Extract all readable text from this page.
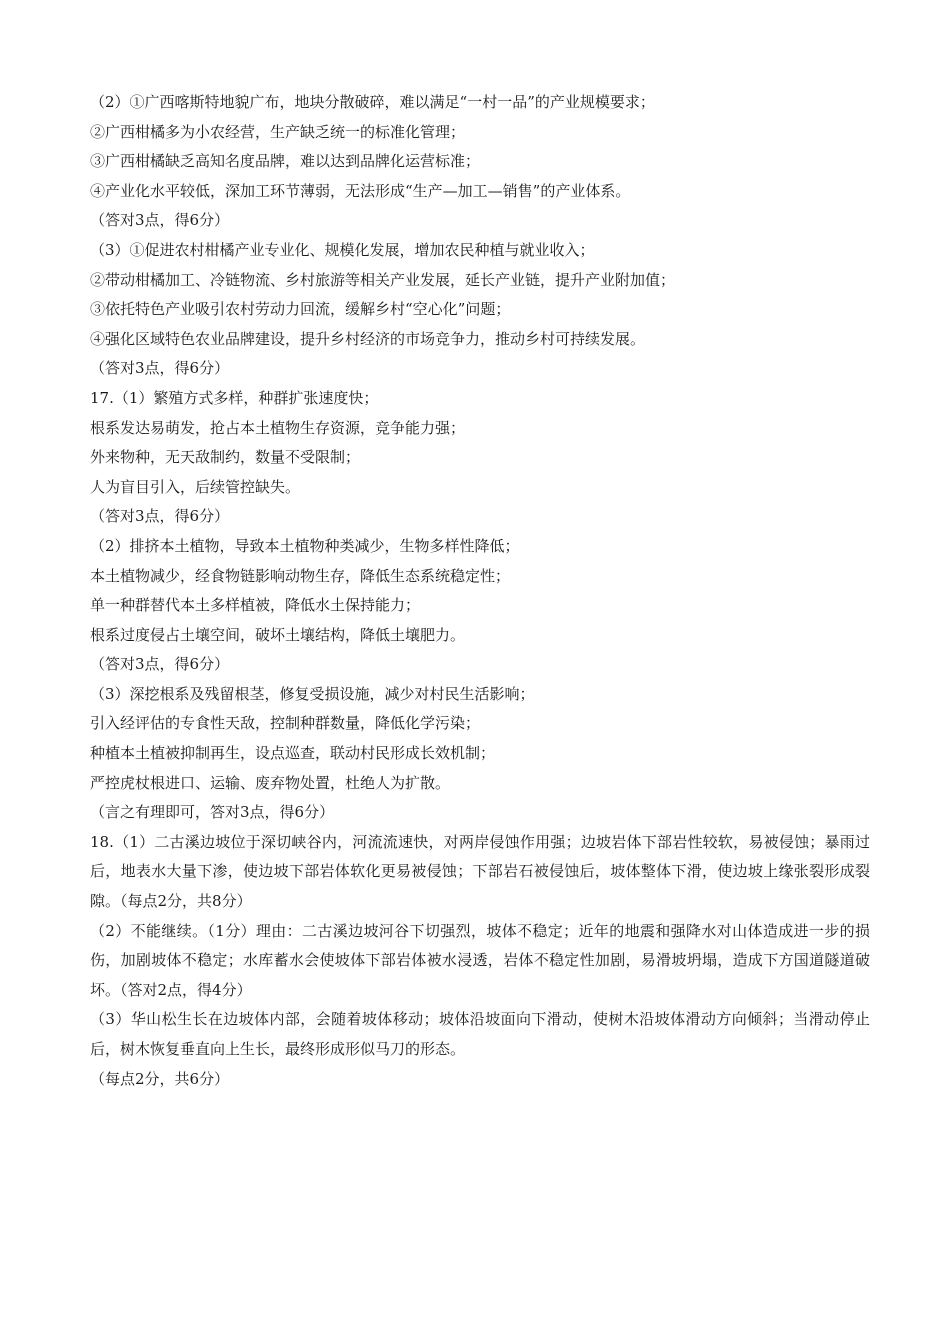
（2）①广西喀斯特地貌广布，地块分散破碎，难以满足“一村一品”的产业规模要求；

②广西柑橘多为小农经营，生产缺乏统一的标准化管理；

③广西柑橘缺乏高知名度品牌，难以达到品牌化运营标准；

④产业化水平较低，深加工环节薄弱，无法形成“生产—加工—销售”的产业体系。

（答对3点，得6分）

（3）①促进农村柑橘产业专业化、规模化发展，增加农民种植与就业收入；

②带动柑橘加工、冷链物流、乡村旅游等相关产业发展，延长产业链，提升产业附加值；

③依托特色产业吸引农村劳动力回流，缓解乡村“空心化”问题；

④强化区域特色农业品牌建设，提升乡村经济的市场竞争力，推动乡村可持续发展。

（答对3点，得6分）

17.（1）繁殖方式多样，种群扩张速度快；

根系发达易萌发，抢占本土植物生存资源，竞争能力强；

外来物种，无天敌制约，数量不受限制；

人为盲目引入，后续管控缺失。

（答对3点，得6分）

（2）排挤本土植物，导致本土植物种类减少，生物多样性降低；

本土植物减少，经食物链影响动物生存，降低生态系统稳定性；

单一种群替代本土多样植被，降低水土保持能力；

根系过度侵占土壤空间，破坏土壤结构，降低土壤肥力。

（答对3点，得6分）

（3）深挖根系及残留根茎，修复受损设施，减少对村民生活影响；

引入经评估的专食性天敌，控制种群数量，降低化学污染；

种植本土植被抑制再生，设点巡查，联动村民形成长效机制；

严控虎杖根进口、运输、废弃物处置，杜绝人为扩散。

（言之有理即可，答对3点，得6分）

18.（1）二古溪边坡位于深切峡谷内，河流流速快，对两岸侵蚀作用强；边坡岩体下部岩性较软，易被侵蚀；暴雨过后，地表水大量下渗，使边坡下部岩体软化更易被侵蚀；下部岩石被侵蚀后，坡体整体下滑，使边坡上缘张裂形成裂隙。（每点2分，共8分）

（2）不能继续。（1分）理由：二古溪边坡河谷下切强烈，坡体不稳定；近年的地震和强降水对山体造成进一步的损伤，加剧坡体不稳定；水库蓄水会使坡体下部岩体被水浸透，岩体不稳定性加剧，易滑坡坍塌，造成下方国道隧道破坏。（答对2点，得4分）

（3）华山松生长在边坡体内部，会随着坡体移动；坡体沿坡面向下滑动，使树木沿坡体滑动方向倾斜；当滑动停止后，树木恢复垂直向上生长，最终形成形似马刀的形态。

（每点2分，共6分）
